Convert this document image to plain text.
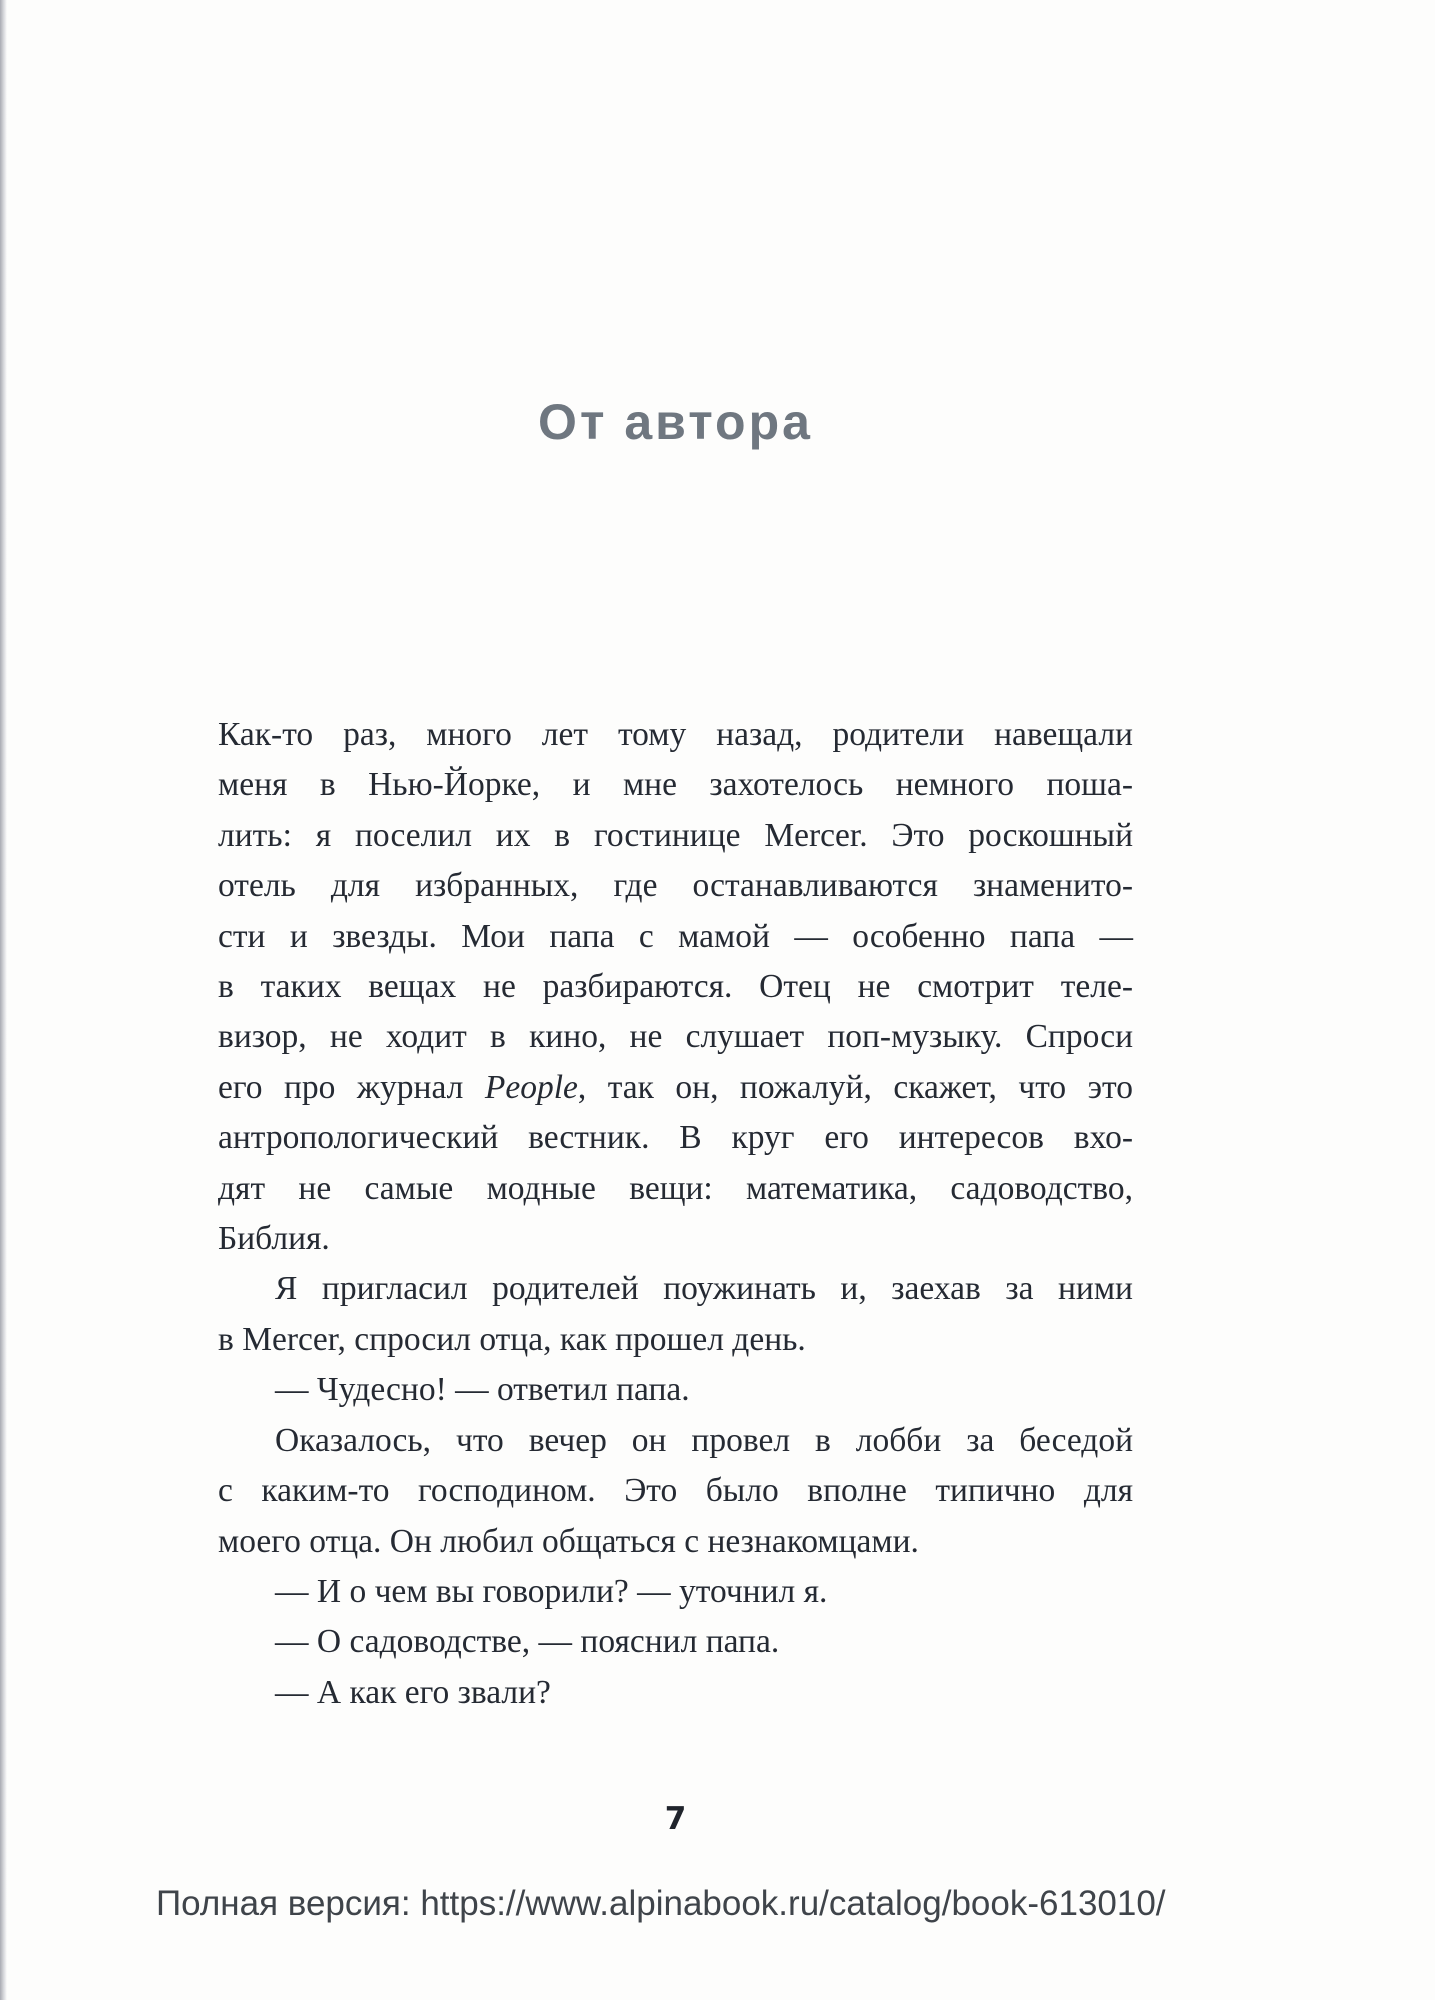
От автора
Как-то раз, много лет тому назад, родители навещали
меня в Нью-Йорке, и мне захотелось немного поша-
лить: я поселил их в гостинице Mercer. Это роскошный
отель для избранных, где останавливаются знаменито-
сти и звезды. Мои папа с мамой — особенно папа —
в таких вещах не разбираются. Отец не смотрит теле-
визор, не ходит в кино, не слушает поп-музыку. Спроси
его про журнал People, так он, пожалуй, скажет, что это
антропологический вестник. В круг его интересов вхо-
дят не самые модные вещи: математика, садоводство,
Библия.
Я пригласил родителей поужинать и, заехав за ними
в Mercer, спросил отца, как прошел день.
— Чудесно! — ответил папа.
Оказалось, что вечер он провел в лобби за беседой
с каким-то господином. Это было вполне типично для
моего отца. Он любил общаться с незнакомцами.
— И о чем вы говорили? — уточнил я.
— О садоводстве, — пояснил папа.
— А как его звали?
7
Полная версия: https://www.alpinabook.ru/catalog/book-613010/
